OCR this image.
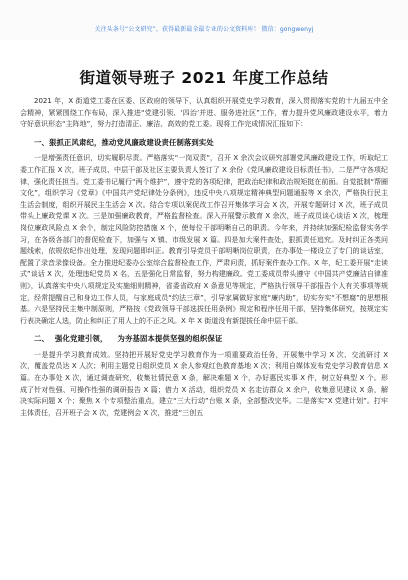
关注头条号“公文研究”，获得最新最全最专业的公文资料库！ 微信：gongwenyj
街道领导班子 2021 年度工作总结

2021 年，X 街道党工委在区委、区政府的领导下，认真组织开展党史学习教育，深入贯彻落实党的十九届五中全会精神，紧紧围绕工作布局，深入推进“党建引领、‘四治’并进、服务进社区”工作，着力提升党风廉政建设水平，着力守好意识形态“主阵地”，努力打造清正、廉洁、高效的党工委。现将工作完成情况汇报如下：

一、狠抓正风肃纪，推动党风廉政建设责任制落到实处

一是增强责任意识，切实履职尽责。严格落实“一岗双责”，召开 X 余次会议研究部署党风廉政建设工作，听取纪工委工作汇报 X 次，班子成员、中层干部及社区主要负责人签订了 X 余份《党风廉政建设目标责任书》，二是严守各项纪律，强化责任担当。党工委书记履行“两个维护”，遵守党的各项纪律，把政治纪律和政治规矩挺在前面。自觉抵制“帮圈文化”，组织学习《党章》《中国共产党纪律处分条例》，违反中央八项规定精神典型问题通报等 X 余次，严格执行民主生活会制度，组织开展民主生活会 X 次。结合专项以案促改工作召开集体学习会 X 次，开展专题研讨 X 次，班子成员带头上廉政党课 X 次。三是加强廉政教育，严格监督检查。深入开展警示教育 X 余次，班子成员谈心谈话 X 次，梳理岗位廉政风险点 X 余个，制定风险防控措施 X 个，使每位干部明晰自己的职责。今年来，并持续加强纪检监督实务学习，在各级各部门的督促检查下，加强与 X 镇、市级发展 X 篇。四是加大案件查处，狠抓责任追究。及时纠正各类问题线索，依规依纪作出处理，发现问题即纠正。教育引导党员干部明晰岗位职责，在办事处一楼设立了专门的谈话室，配置了录音录像设备。全力推进纪委办公室综合监督检查工作，严肃问责，抓好案件查办工作。X 年，纪工委开展“走读式”谈话 X 次，处理违纪党员 X 名，五是强化日常监督，努力构建廉政。党工委成员带头遵守《中国共产党廉洁自律准则》，认真落实中央八项规定及实施细则精神，省委省政府 X 条意见等规定，严格执行领导干部报告个人有关事项等规定，经常提醒自己和身边工作人员，与家庭成员“约法三章”，引导家属做好家庭“廉内助”，切实夯实“不想腐”的思想根基。六是坚持民主集中制原则，严格按《党政领导干部选拔任用条例》规定和程序任用干部，坚持集体研究，按规定实行表决确定人选，防止和纠正了用人上的不正之风。X 年 X 街道没有新提拔任命中层干部。

二、 强化党建引领， 为夯基固本提供坚强的组织保证

一是提升学习教育成效。坚持把开展好党史学习教育作为一项重要政治任务，开展集中学习 X 次、交流研讨 X 次，覆盖党员达 X 人次；利用主题党日组织党员 X 余人参观红色教育基地 X 次；利用自媒体发布党史学习教育信息 X 篇。在办事处 X 次，通过调查研究，收集社情民意 X 条，解决难题 X 个，办好惠民实事 X 件，树立好典型 X 个。形成了针对性强、可操作性强的调研报告 X 篇；借力 X 活动，组织党员 X 名走访群众 X 余户，收集意见建议 X 条，解决实际问题 X 个；聚焦 X 个专项整治重点，建立“三大行动”台账 X 条，全部整改完毕。二是落实“X 党建计划”。打牢主体责任，召开班子会 X 次，党建例会 X 次，推进“三创五
